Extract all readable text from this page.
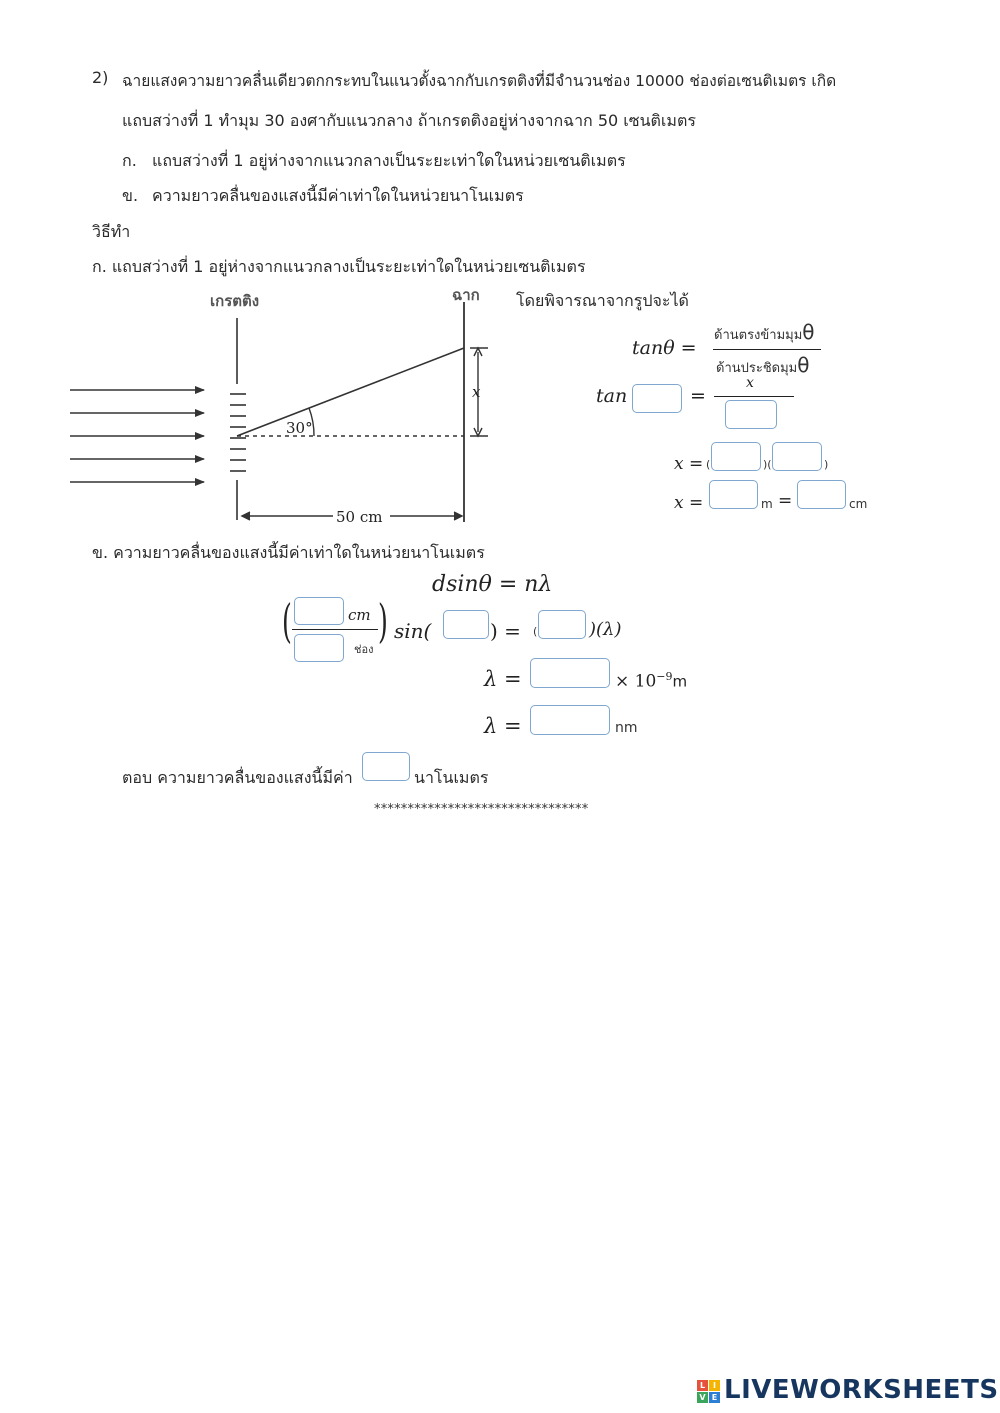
2) ฉายแสงความยาวคลื่นเดียวตกกระทบในแนวตั้งฉากกับเกรตติงที่มีจำนวนช่อง 10000 ช่องต่อเซนติเมตร เกิด
แถบสว่างที่ 1 ทำมุม 30 องศากับแนวกลาง ถ้าเกรตติงอยู่ห่างจากฉาก 50 เซนติเมตร
ก. แถบสว่างที่ 1 อยู่ห่างจากแนวกลางเป็นระยะเท่าใดในหน่วยเซนติเมตร
ข. ความยาวคลื่นของแสงนี้มีค่าเท่าใดในหน่วยนาโนเมตร
วิธีทำ
ก. แถบสว่างที่ 1 อยู่ห่างจากแนวกลางเป็นระยะเท่าใดในหน่วยเซนติเมตร
เกรตติง	ฉาก
30°
x
50 cm
โดยพิจารณาจากรูปจะได้
tanθ =
ด้านตรงข้ามมุมθ
ด้านประชิดมุมθ
tan	=
x
x = (	)(	)
x =	m =	cm
ข. ความยาวคลื่นของแสงนี้มีค่าเท่าใดในหน่วยนาโนเมตร
dsinθ = nλ
(	cm
ช่อง
) sin(	) = (	)(λ)
λ =	× $10^{-9}m$
λ =	nm
ตอบ ความยาวคลื่นของแสงนี้มีค่า	นาโนเมตร
********************************
L I
V E LIVEWORKSHEETS
